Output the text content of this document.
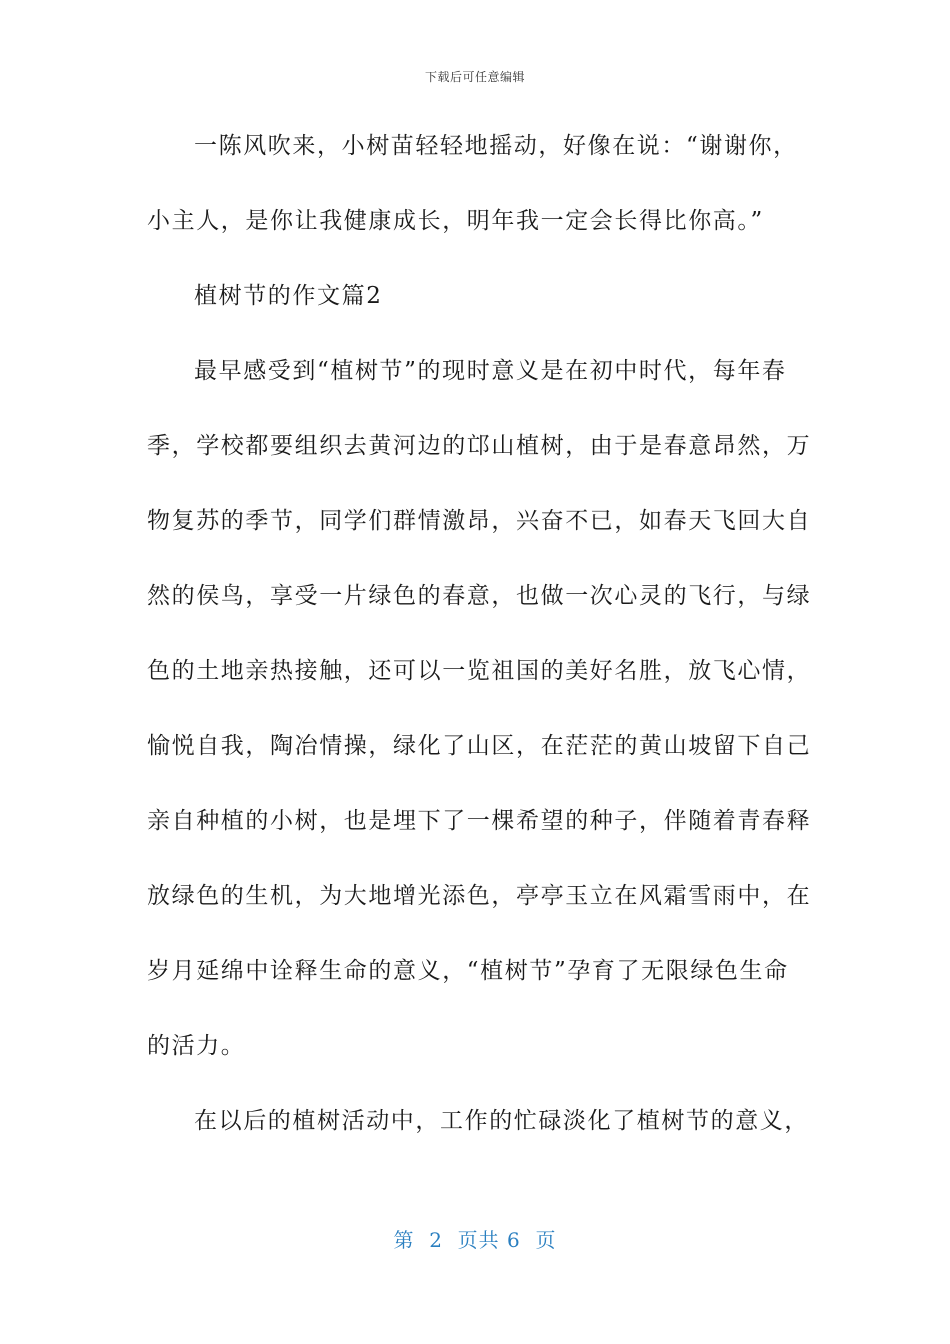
下载后可任意编辑
一陈风吹来，小树苗轻轻地摇动，好像在说：“谢谢你，
小主人，是你让我健康成长，明年我一定会长得比你高。”
植树节的作文篇2
最早感受到“植树节”的现时意义是在初中时代，每年春
季，学校都要组织去黄河边的邙山植树，由于是春意昂然，万
物复苏的季节，同学们群情激昂，兴奋不已，如春天飞回大自
然的侯鸟，享受一片绿色的春意，也做一次心灵的飞行，与绿
色的土地亲热接触，还可以一览祖国的美好名胜，放飞心情，
愉悦自我，陶冶情操，绿化了山区，在茫茫的黄山坡留下自己
亲自种植的小树，也是埋下了一棵希望的种子，伴随着青春释
放绿色的生机，为大地增光添色，亭亭玉立在风霜雪雨中，在
岁月延绵中诠释生命的意义，“植树节”孕育了无限绿色生命
的活力。
在以后的植树活动中，工作的忙碌淡化了植树节的意义，
第  2  页共 6  页
